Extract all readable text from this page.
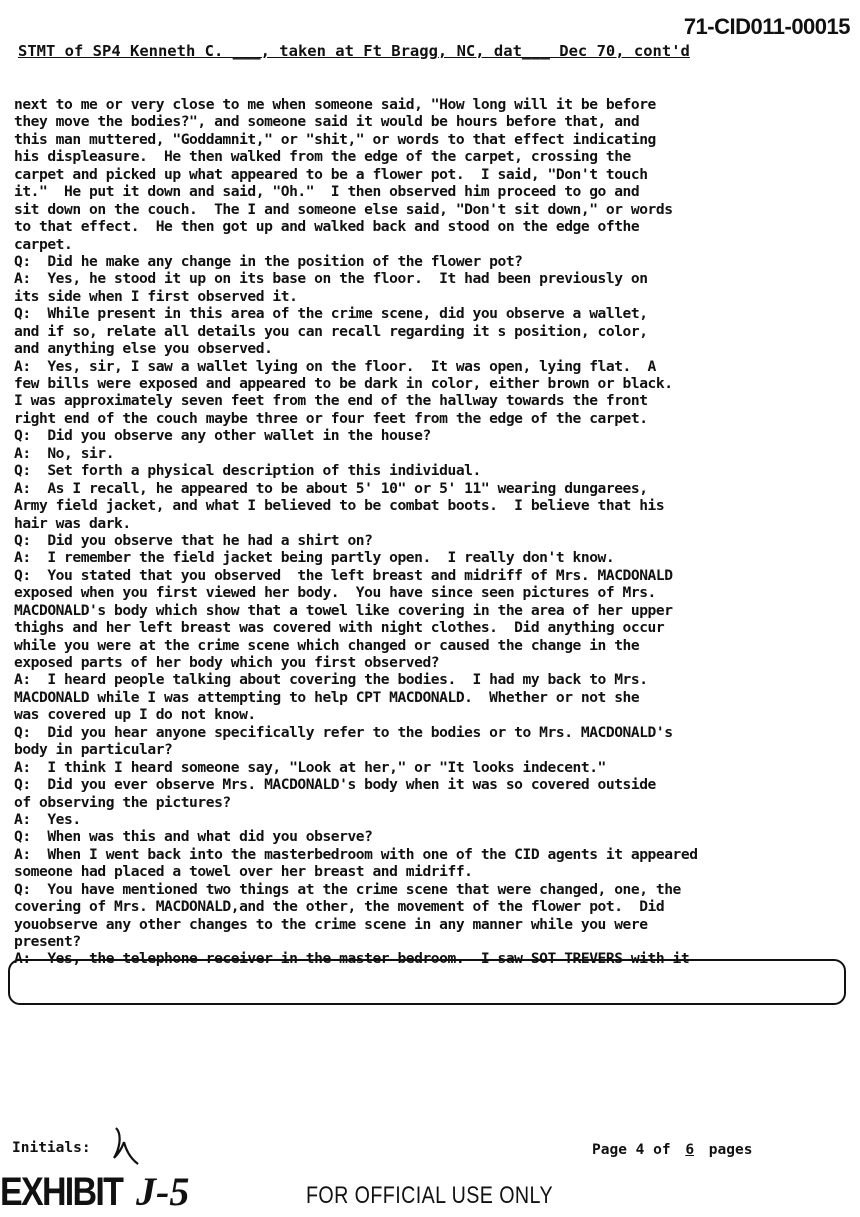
71-CID011-00015
STMT of SP4 Kenneth C. ___, taken at Ft Bragg, NC, dat___ Dec 70, cont'd
next to me or very close to me when someone said, "How long will it be before
they move the bodies?", and someone said it would be hours before that, and
this man muttered, "Goddamnit," or "shit," or words to that effect indicating
his displeasure.  He then walked from the edge of the carpet, crossing the
carpet and picked up what appeared to be a flower pot.  I said, "Don't touch
it."  He put it down and said, "Oh."  I then observed him proceed to go and
sit down on the couch.  The I and someone else said, "Don't sit down," or words
to that effect.  He then got up and walked back and stood on the edge ofthe
carpet.
Q:  Did he make any change in the position of the flower pot?
A:  Yes, he stood it up on its base on the floor.  It had been previously on
its side when I first observed it.
Q:  While present in this area of the crime scene, did you observe a wallet,
and if so, relate all details you can recall regarding it s position, color,
and anything else you observed.
A:  Yes, sir, I saw a wallet lying on the floor.  It was open, lying flat.  A
few bills were exposed and appeared to be dark in color, either brown or black.
I was approximately seven feet from the end of the hallway towards the front
right end of the couch maybe three or four feet from the edge of the carpet.
Q:  Did you observe any other wallet in the house?
A:  No, sir.
Q:  Set forth a physical description of this individual.
A:  As I recall, he appeared to be about 5' 10" or 5' 11" wearing dungarees,
Army field jacket, and what I believed to be combat boots.  I believe that his
hair was dark.
Q:  Did you observe that he had a shirt on?
A:  I remember the field jacket being partly open.  I really don't know.
Q:  You stated that you observed  the left breast and midriff of Mrs. MACDONALD
exposed when you first viewed her body.  You have since seen pictures of Mrs.
MACDONALD's body which show that a towel like covering in the area of her upper
thighs and her left breast was covered with night clothes.  Did anything occur
while you were at the crime scene which changed or caused the change in the
exposed parts of her body which you first observed?
A:  I heard people talking about covering the bodies.  I had my back to Mrs.
MACDONALD while I was attempting to help CPT MACDONALD.  Whether or not she
was covered up I do not know.
Q:  Did you hear anyone specifically refer to the bodies or to Mrs. MACDONALD's
body in particular?
A:  I think I heard someone say, "Look at her," or "It looks indecent."
Q:  Did you ever observe Mrs. MACDONALD's body when it was so covered outside
of observing the pictures?
A:  Yes.
Q:  When was this and what did you observe?
A:  When I went back into the masterbedroom with one of the CID agents it appeared
someone had placed a towel over her breast and midriff.
Q:  You have mentioned two things at the crime scene that were changed, one, the
covering of Mrs. MACDONALD,and the other, the movement of the flower pot.  Did
youobserve any other changes to the crime scene in any manner while you were
present?
A:  Yes, the telephone receiver in the master bedroom.  I saw SOT TREVERS with it
Initials:	Page 4 of 6 pages
EXHIBIT J-5	FOR OFFICIAL USE ONLY
